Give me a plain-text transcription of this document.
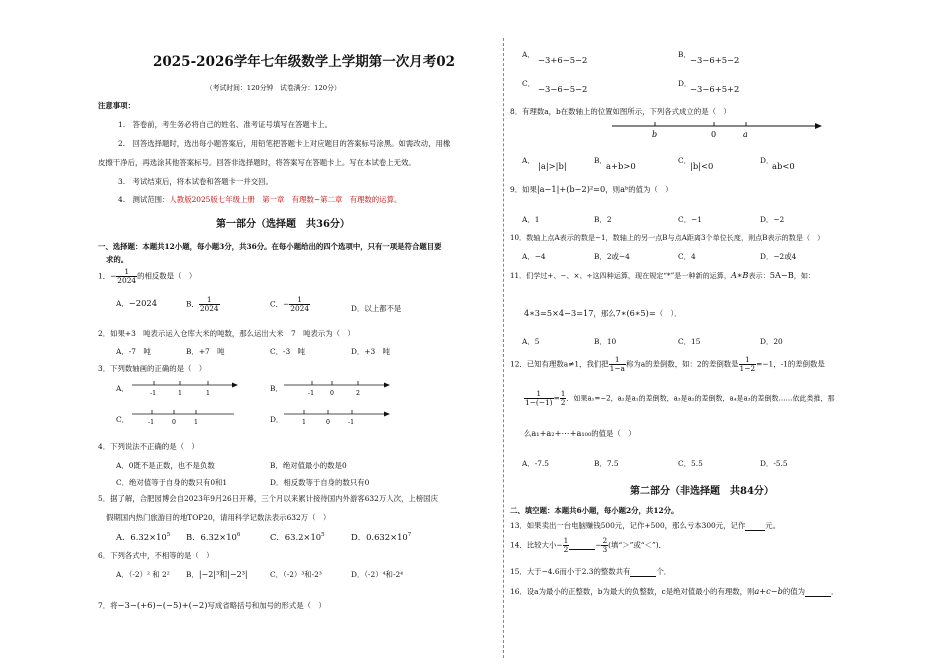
2025-2026学年七年级数学上学期第一次月考02
（考试时间：120分钟　试卷满分：120分）
注意事项：
1.　答卷前，考生务必将自己的姓名、准考证号填写在答题卡上。
2.　回答选择题时，选出每小题答案后，用铅笔把答题卡上对应题目的答案标号涂黑。如需改动，用橡
皮擦干净后，再选涂其他答案标号。回答非选择题时，将答案写在答题卡上。写在本试卷上无效。
3.　考试结束后，将本试卷和答题卡一并交回。
4.　测试范围：人教版2025版七年级上册　第一章　有理数~第二章　有理数的运算。
第一部分（选择题　共36分）
一、选择题：本题共12小题，每小题3分，共36分。在每小题给出的四个选项中，只有一项是符合题目要
求的。
1．− $\frac{1}{2024}$ 的相反数是（　）
A．−2024	B． $\frac{1}{2024}$	C．− $\frac{1}{2024}$	D．以上都不是
2．如果+3　吨表示运入仓库大米的吨数，那么运出大米　7　吨表示为（　）
A．-7　吨	B．+7　吨	C．-3　吨	D．+3　吨
3．下列数轴画的正确的是（　）
A．
-1	1	1
B．
-1	0	2
C．	-1	0	1	D．	1	0	-1
4．下列说法不正确的是（　）
A．0既不是正数，也不是负数	B．绝对值最小的数是0
C．绝对值等于自身的数只有0和1	D．相反数等于自身的数只有0
5．据了解，合肥园博会自2023年9月26日开幕，三个月以来累计接待国内外游客632万人次，上榜国庆
假期国内热门旅游目的地TOP20，请用科学记数法表示632万（　）
A．$6.32\times 10^5$ B．$6.32\times 10^6$	C．$63.2\times 10^5$	D．$0.632\times 10^7$
6．下列各式中，不相等的是（　）
A．（-2）² 和 2² B．|−2|³和|−2³|	C．（-2）³和-2³	D．（-2）⁴和-2⁴
7．将−3−(+6)−(−5)+(−2)写成省略括号和加号的形式是（　）
A．
−3+6−5−2
B．
−3−6+5−2
C．
−3−6−5−2
D．
−3−6+5+2
8．有理数a，b在数轴上的位置如图所示，下列各式成立的是（　）
b	0	a
A．
|a|>|b|
B．
a+b>0
C．
|b|<0
D．
ab<0
9．如果|a−1|+(b−2)²=0，则aᵇ的值为（　）
A．1	B．2	C．−1	D．−2
10．数轴上点A表示的数是−1，数轴上的另一点B与点A距离3个单位长度，则点B表示的数是（　）
A．−4	B．2或−4	C．4	D．−2或4
11．们学过+、−、×、÷这四种运算，现在规定“*”是一种新的运算，A∗B表示：5A−B，如：
4∗3=5×4−3=17，那么7∗(6∗5)=（　）．
A．5	B．10	C．15	D．20
12．已知有理数a≠1，我们把 $\frac{1}{1-a}$ 称为a的差倒数，如：2的差倒数是 $\frac{1}{1-2} =-1$，-1的差倒数是
$\frac{1}{1-(-1)} = \frac{1}{2}$ ．如果a₁=−2，a₂是a₁的差倒数，a₃是a₂的差倒数，a₄是a₃的差倒数……依此类推，那
么a₁+a₂+⋯+a₁₀₀的值是（　）
A．-7.5	B．7.5	C．5.5	D．-5.5
第二部分（非选择题　共84分）
二、填空题：本题共6小题，每小题2分，共12分。
13．如果卖出一台电脑赚钱500元，记作+500，那么亏本300元，记作	元。
14．比较大小− $\frac{1}{2}$	− $\frac{2}{3}$ (填“＞”或“＜”)．
15．大于−4.6而小于2.3的整数共有	个．
16．设a为最小的正整数，b为最大的负整数，c是绝对值最小的有理数，则a+c−b的值为	．
